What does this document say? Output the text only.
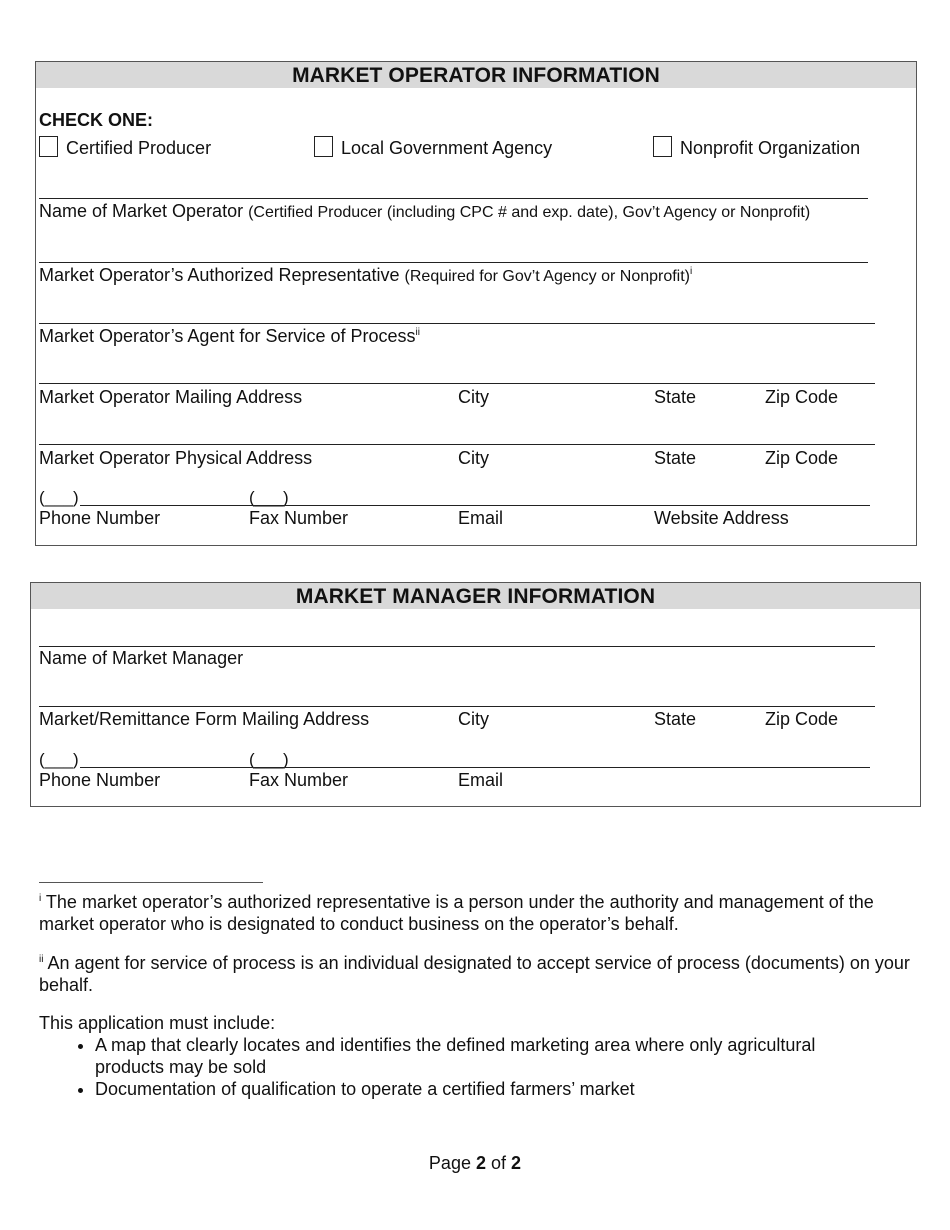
MARKET OPERATOR INFORMATION
CHECK ONE:
Certified Producer	Local Government Agency	Nonprofit Organization
Name of Market Operator (Certified Producer (including CPC # and exp. date), Gov’t Agency or Nonprofit)
Market Operator’s Authorized Representative (Required for Gov’t Agency or Nonprofit)$^i$
Market Operator’s Agent for Service of Process$^{ii}$
Market Operator Mailing Address	City	State	Zip Code
Market Operator Physical Address	City	State	Zip Code
(___)	(___)
Phone Number	Fax Number	Email	Website Address
MARKET MANAGER INFORMATION
Name of Market Manager
Market/Remittance Form Mailing Address	City	State	Zip Code
(___)	(___)
Phone Number	Fax Number	Email
$^i$ The market operator’s authorized representative is a person under the authority and management of the market operator who is designated to conduct business on the operator’s behalf.
$^{ii}$ An agent for service of process is an individual designated to accept service of process (documents) on your behalf.
This application must include:
• A map that clearly locates and identifies the defined marketing area where only agricultural products may be sold
• Documentation of qualification to operate a certified farmers’ market
Page 2 of 2
